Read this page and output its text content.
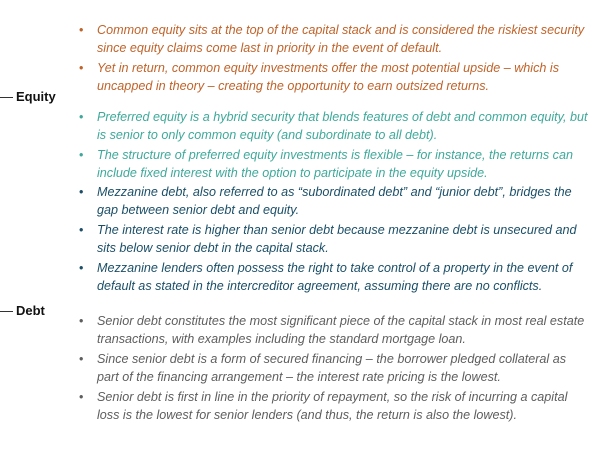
— Equity
— Debt
• Common equity sits at the top of the capital stack and is considered the riskiest security since equity claims come last in priority in the event of default.
• Yet in return, common equity investments offer the most potential upside – which is uncapped in theory – creating the opportunity to earn outsized returns.
• Preferred equity is a hybrid security that blends features of debt and common equity, but is senior to only common equity (and subordinate to all debt).
• The structure of preferred equity investments is flexible – for instance, the returns can include fixed interest with the option to participate in the equity upside.
• Mezzanine debt, also referred to as “subordinated debt” and “junior debt”, bridges the gap between senior debt and equity.
• The interest rate is higher than senior debt because mezzanine debt is unsecured and sits below senior debt in the capital stack.
• Mezzanine lenders often possess the right to take control of a property in the event of default as stated in the intercreditor agreement, assuming there are no conflicts.
• Senior debt constitutes the most significant piece of the capital stack in most real estate transactions, with examples including the standard mortgage loan.
• Since senior debt is a form of secured financing – the borrower pledged collateral as part of the financing arrangement – the interest rate pricing is the lowest.
• Senior debt is first in line in the priority of repayment, so the risk of incurring a capital loss is the lowest for senior lenders (and thus, the return is also the lowest).
